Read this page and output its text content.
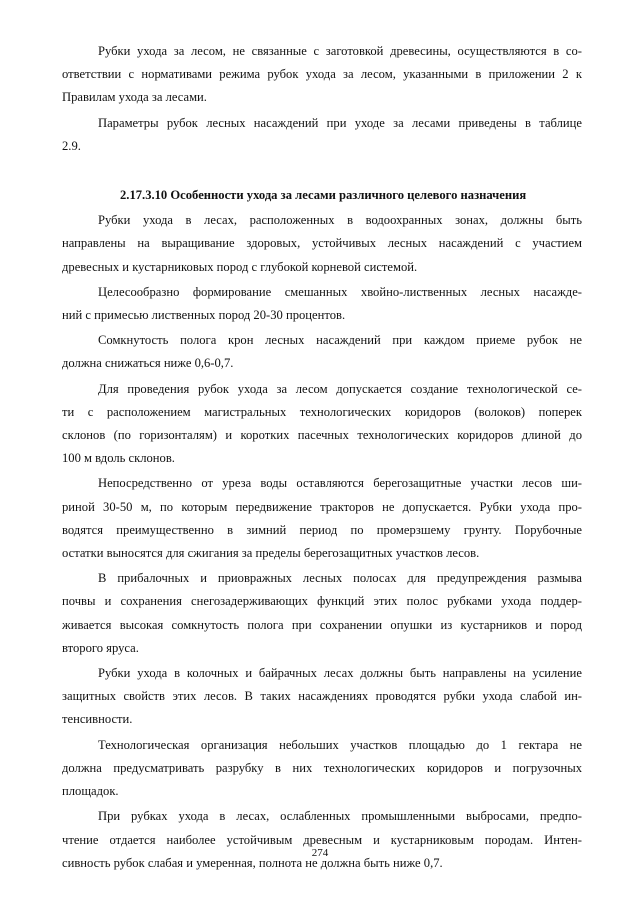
Рубки ухода за лесом, не связанные с заготовкой древесины, осуществляются в со-
ответствии с нормативами режима рубок ухода за лесом, указанными в приложении 2 к
Правилам ухода за лесами.
Параметры рубок лесных насаждений при уходе за лесами приведены в таблице
2.9.
2.17.3.10 Особенности ухода за лесами различного целевого назначения
Рубки ухода в лесах, расположенных в водоохранных зонах, должны быть
направлены на выращивание здоровых, устойчивых лесных насаждений с участием
древесных и кустарниковых пород с глубокой корневой системой.
Целесообразно формирование смешанных хвойно-лиственных лесных насажде-
ний с примесью лиственных пород 20-30 процентов.
Сомкнутость полога крон лесных насаждений при каждом приеме рубок не
должна снижаться ниже 0,6-0,7.
Для проведения рубок ухода за лесом допускается создание технологической се-
ти с расположением магистральных технологических коридоров (волоков) поперек
склонов (по горизонталям) и коротких пасечных технологических коридоров длиной до
100 м вдоль склонов.
Непосредственно от уреза воды оставляются берегозащитные участки лесов ши-
риной 30-50 м, по которым передвижение тракторов не допускается. Рубки ухода про-
водятся преимущественно в зимний период по промерзшему грунту. Порубочные
остатки выносятся для сжигания за пределы берегозащитных участков лесов.
В прибалочных и приовражных лесных полосах для предупреждения размыва
почвы и сохранения снегозадерживающих функций этих полос рубками ухода поддер-
живается высокая сомкнутость полога при сохранении опушки из кустарников и пород
второго яруса.
Рубки ухода в колочных и байрачных лесах должны быть направлены на усиление
защитных свойств этих лесов. В таких насаждениях проводятся рубки ухода слабой ин-
тенсивности.
Технологическая организация небольших участков площадью до 1 гектара не
должна предусматривать разрубку в них технологических коридоров и погрузочных
площадок.
При рубках ухода в лесах, ослабленных промышленными выбросами, предпо-
чтение отдается наиболее устойчивым древесным и кустарниковым породам. Интен-
сивность рубок слабая и умеренная, полнота не должна быть ниже 0,7.
274
